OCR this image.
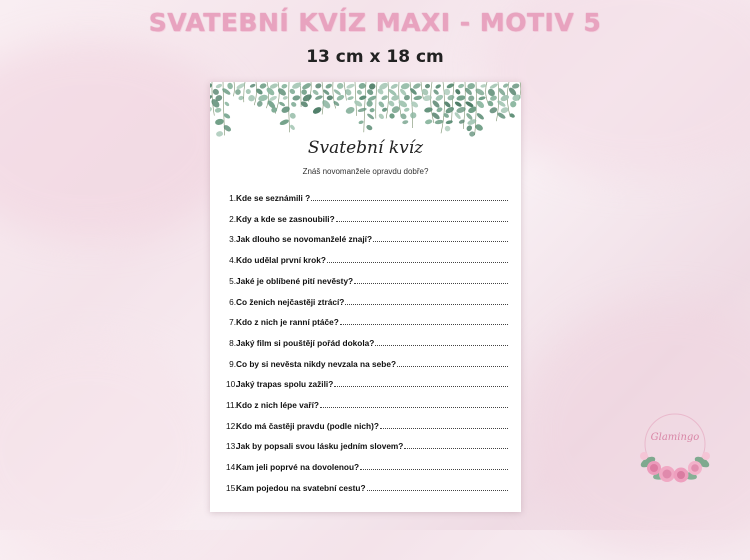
SVATEBNÍ KVÍZ MAXI - MOTIV 5
13 cm x 18 cm
Svatební kvíz
Znáš novomanžele opravdu dobře?
1. Kde se seznámili ?
2. Kdy a kde se zasnoubili?
3. Jak dlouho se novomanželé znají?
4. Kdo udělal první krok?
5. Jaké je oblíbené pití nevěsty?
6. Co ženich nejčastěji ztrácí?
7. Kdo z nich je ranní ptáče?
8. Jaký film si pouštějí pořád dokola?
9. Co by si nevěsta nikdy nevzala na sebe?
10.
Jaký trapas spolu zažili?
11. Kdo z nich lépe vaří?
12.
Kdo má častěji pravdu (podle nich)?
13.
Jak by popsali svou lásku jedním slovem?
14.
Kam jeli poprvé na dovolenou?
15.
Kam pojedou na svatební cestu?
Glamingo
